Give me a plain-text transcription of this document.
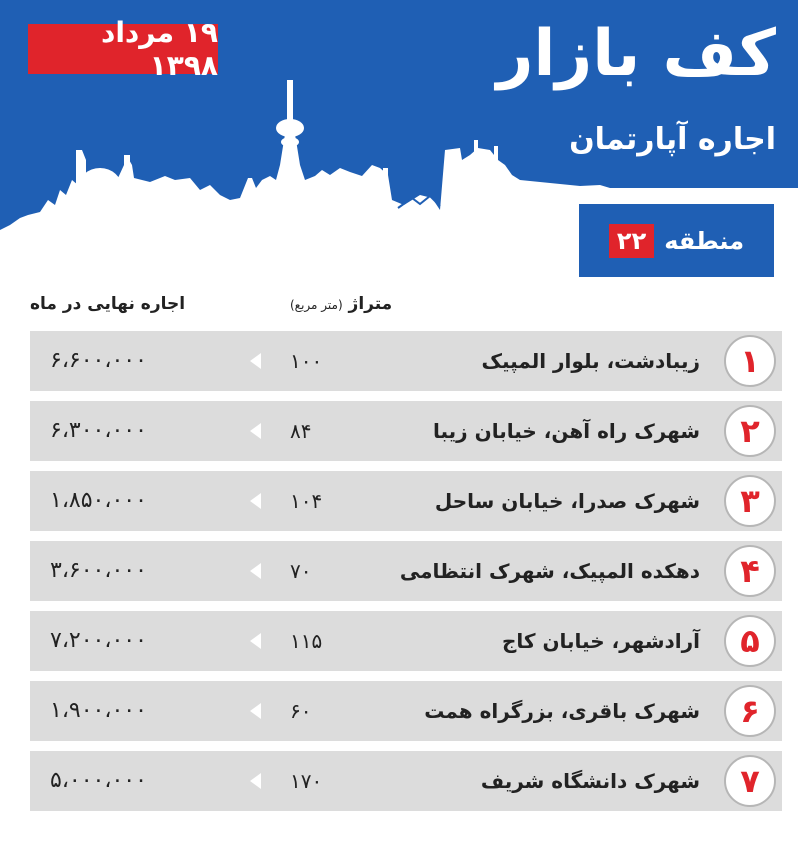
۱۹ مرداد ۱۳۹۸	کف بازار
اجاره آپارتمان
منطقه
۲۲
متراژ (متر مربع)
اجاره نهایی در ماه
۱
زیبادشت، بلوار المپیک
۱۰۰
۶،۶۰۰،۰۰۰
۲
شهرک راه آهن، خیابان زیبا
۸۴
۶،۳۰۰،۰۰۰
۳
شهرک صدرا، خیابان ساحل
۱۰۴
۱،۸۵۰،۰۰۰
۴
دهکده المپیک، شهرک انتظامی
۷۰
۳،۶۰۰،۰۰۰
۵
آرادشهر، خیابان کاج
۱۱۵
۷،۲۰۰،۰۰۰
۶
شهرک باقری، بزرگراه همت
۶۰
۱،۹۰۰،۰۰۰
۷
شهرک دانشگاه شریف
۱۷۰
۵،۰۰۰،۰۰۰
